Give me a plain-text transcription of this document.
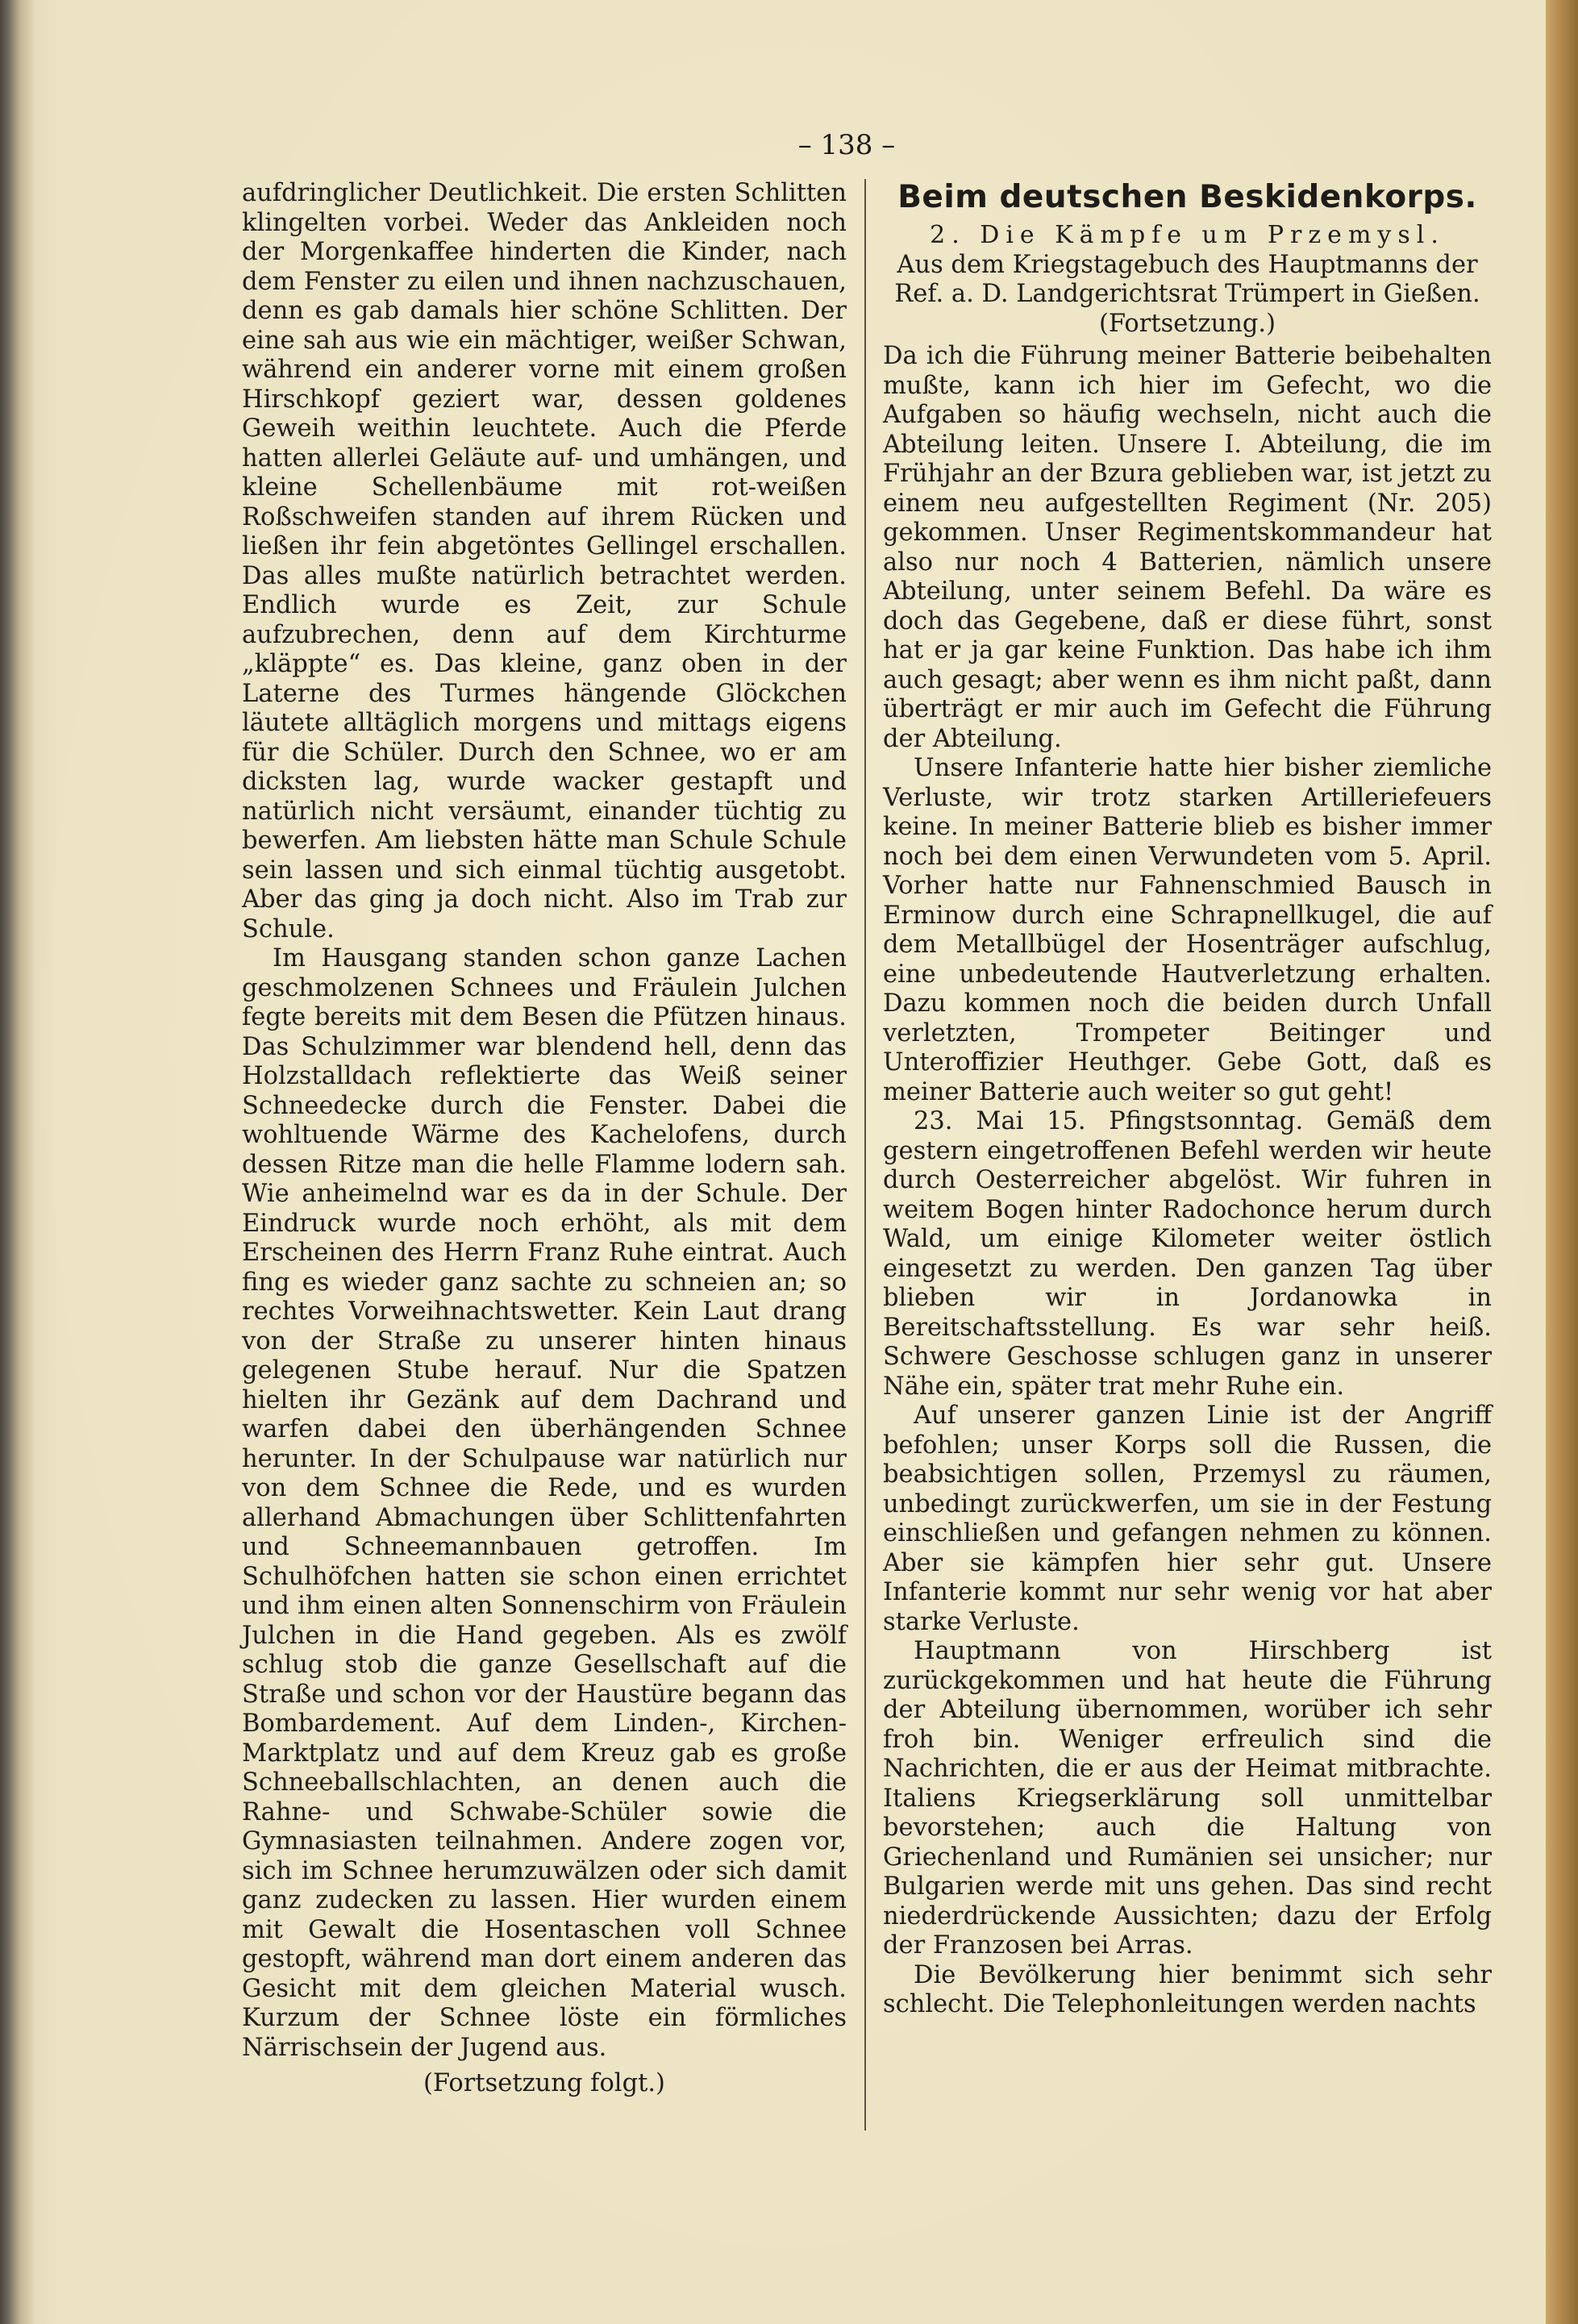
– 138 –

aufdringlicher Deutlichkeit. Die ersten Schlitten klingelten vorbei. Weder das Ankleiden noch der Morgenkaffee hinderten die Kinder, nach dem Fenster zu eilen und ihnen nachzuschauen, denn es gab damals hier schöne Schlitten. Der eine sah aus wie ein mächtiger, weißer Schwan, während ein anderer vorne mit einem großen Hirschkopf geziert war, dessen goldenes Geweih weithin leuchtete. Auch die Pferde hatten allerlei Geläute auf- und umhängen, und kleine Schellenbäume mit rot-weißen Roßschweifen standen auf ihrem Rücken und ließen ihr fein abgetöntes Gellingel erschallen. Das alles mußte natürlich betrachtet werden. Endlich wurde es Zeit, zur Schule aufzubrechen, denn auf dem Kirchturme „kläppte“ es. Das kleine, ganz oben in der Laterne des Turmes hängende Glöckchen läutete alltäglich morgens und mittags eigens für die Schüler. Durch den Schnee, wo er am dicksten lag, wurde wacker gestapft und natürlich nicht versäumt, einander tüchtig zu bewerfen. Am liebsten hätte man Schule Schule sein lassen und sich einmal tüchtig ausgetobt. Aber das ging ja doch nicht. Also im Trab zur Schule.

Im Hausgang standen schon ganze Lachen geschmolzenen Schnees und Fräulein Julchen fegte bereits mit dem Besen die Pfützen hinaus. Das Schulzimmer war blendend hell, denn das Holzstalldach reflektierte das Weiß seiner Schneedecke durch die Fenster. Dabei die wohltuende Wärme des Kachelofens, durch dessen Ritze man die helle Flamme lodern sah. Wie anheimelnd war es da in der Schule. Der Eindruck wurde noch erhöht, als mit dem Erscheinen des Herrn Franz Ruhe eintrat. Auch fing es wieder ganz sachte zu schneien an; so rechtes Vorweihnachtswetter. Kein Laut drang von der Straße zu unserer hinten hinaus gelegenen Stube herauf. Nur die Spatzen hielten ihr Gezänk auf dem Dachrand und warfen dabei den überhängenden Schnee herunter. In der Schulpause war natürlich nur von dem Schnee die Rede, und es wurden allerhand Abmachungen über Schlittenfahrten und Schneemannbauen getroffen. Im Schulhöfchen hatten sie schon einen errichtet und ihm einen alten Sonnenschirm von Fräulein Julchen in die Hand gegeben. Als es zwölf schlug stob die ganze Gesellschaft auf die Straße und schon vor der Haustüre begann das Bombardement. Auf dem Linden-, Kirchen- Marktplatz und auf dem Kreuz gab es große Schneeballschlachten, an denen auch die Rahne- und Schwabe-Schüler sowie die Gymnasiasten teilnahmen. Andere zogen vor, sich im Schnee herumzuwälzen oder sich damit ganz zudecken zu lassen. Hier wurden einem mit Gewalt die Hosentaschen voll Schnee gestopft, während man dort einem anderen das Gesicht mit dem gleichen Material wusch. Kurzum der Schnee löste ein förmliches Närrischsein der Jugend aus.

(Fortsetzung folgt.)
Beim deutschen Beskidenkorps.
2. Die Kämpfe um Przemysl.
Aus dem Kriegstagebuch des Hauptmanns der Ref. a. D. Landgerichtsrat Trümpert in Gießen.
(Fortsetzung.)

Da ich die Führung meiner Batterie beibehalten mußte, kann ich hier im Gefecht, wo die Aufgaben so häufig wechseln, nicht auch die Abteilung leiten. Unsere I. Abteilung, die im Frühjahr an der Bzura geblieben war, ist jetzt zu einem neu aufgestellten Regiment (Nr. 205) gekommen. Unser Regimentskommandeur hat also nur noch 4 Batterien, nämlich unsere Abteilung, unter seinem Befehl. Da wäre es doch das Gegebene, daß er diese führt, sonst hat er ja gar keine Funktion. Das habe ich ihm auch gesagt; aber wenn es ihm nicht paßt, dann überträgt er mir auch im Gefecht die Führung der Abteilung.

Unsere Infanterie hatte hier bisher ziemliche Verluste, wir trotz starken Artilleriefeuers keine. In meiner Batterie blieb es bisher immer noch bei dem einen Verwundeten vom 5. April. Vorher hatte nur Fahnenschmied Bausch in Erminow durch eine Schrapnellkugel, die auf dem Metallbügel der Hosenträger aufschlug, eine unbedeutende Hautverletzung erhalten. Dazu kommen noch die beiden durch Unfall verletzten, Trompeter Beitinger und Unteroffizier Heuthger. Gebe Gott, daß es meiner Batterie auch weiter so gut geht!

23. Mai 15. Pfingstsonntag. Gemäß dem gestern eingetroffenen Befehl werden wir heute durch Oesterreicher abgelöst. Wir fuhren in weitem Bogen hinter Radochonce herum durch Wald, um einige Kilometer weiter östlich eingesetzt zu werden. Den ganzen Tag über blieben wir in Jordanowka in Bereitschaftsstellung. Es war sehr heiß. Schwere Geschosse schlugen ganz in unserer Nähe ein, später trat mehr Ruhe ein.

Auf unserer ganzen Linie ist der Angriff befohlen; unser Korps soll die Russen, die beabsichtigen sollen, Przemysl zu räumen, unbedingt zurückwerfen, um sie in der Festung einschließen und gefangen nehmen zu können. Aber sie kämpfen hier sehr gut. Unsere Infanterie kommt nur sehr wenig vor hat aber starke Verluste.

Hauptmann von Hirschberg ist zurückgekommen und hat heute die Führung der Abteilung übernommen, worüber ich sehr froh bin. Weniger erfreulich sind die Nachrichten, die er aus der Heimat mitbrachte. Italiens Kriegserklärung soll unmittelbar bevorstehen; auch die Haltung von Griechenland und Rumänien sei unsicher; nur Bulgarien werde mit uns gehen. Das sind recht niederdrückende Aussichten; dazu der Erfolg der Franzosen bei Arras.

Die Bevölkerung hier benimmt sich sehr schlecht. Die Telephonleitungen werden nachts
